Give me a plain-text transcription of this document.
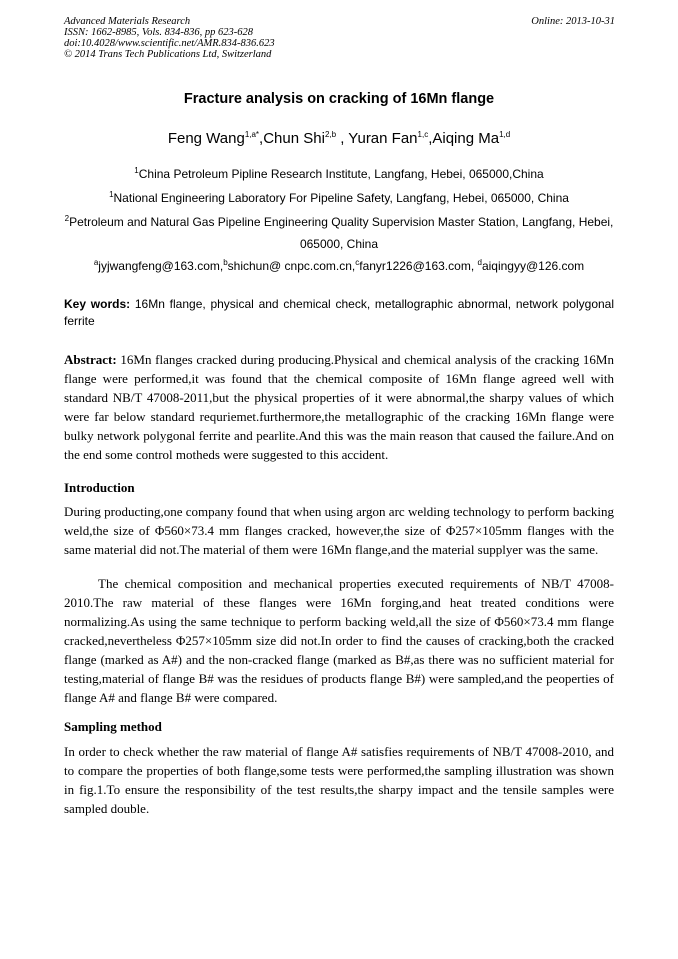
Advanced Materials Research
ISSN: 1662-8985, Vols. 834-836, pp 623-628
doi:10.4028/www.scientific.net/AMR.834-836.623
© 2014 Trans Tech Publications Ltd, Switzerland
Online: 2013-10-31
Fracture analysis on cracking of 16Mn flange
Feng Wang$^{1,a*}$,Chun Shi$^{2,b}$ , Yuran Fan$^{1,c}$,Aiqing Ma$^{1,d}$
$^1$China Petroleum Pipline Research Institute, Langfang, Hebei, 065000,China
$^1$National Engineering Laboratory For Pipeline Safety, Langfang, Hebei, 065000, China
$^2$Petroleum and Natural Gas Pipeline Engineering Quality Supervision Master Station, Langfang, Hebei, 065000, China
$^a$jyjwangfeng@163.com,$^b$shichun@ cnpc.com.cn,$^c$fanyr1226@163.com, $^d$aiqingyy@126.com
Key words: 16Mn flange, physical and chemical check, metallographic abnormal, network polygonal ferrite
Abstract: 16Mn flanges cracked during producing.Physical and chemical analysis of the cracking 16Mn flange were performed,it was found that the chemical composite of 16Mn flange agreed well with standard NB/T 47008-2011,but the physical properties of it were abnormal,the sharpy values of which were far below standard requriemet.furthermore,the metallographic of the cracking 16Mn flange were bulky network polygonal ferrite and pearlite.And this was the main reason that caused the failure.And on the end some control motheds were suggested to this accident.
Introduction
During producting,one company found that when using argon arc welding technology to perform backing weld,the size of Φ560×73.4 mm flanges cracked, however,the size of Φ257×105mm flanges with the same material did not.The material of them were 16Mn flange,and the material supplyer was the same.
The chemical composition and mechanical properties executed requirements of NB/T 47008-2010.The raw material of these flanges were 16Mn forging,and heat treated conditions were normalizing.As using the same technique to perform backing weld,all the size of Φ560×73.4 mm flange cracked,nevertheless Φ257×105mm size did not.In order to find the causes of cracking,both the cracked flange (marked as A#) and the non-cracked flange (marked as B#,as there was no sufficient material for testing,material of flange B# was the residues of products flange B#) were sampled,and the peoperties of flange A# and flange B# were compared.
Sampling method
In order to check whether the raw material of flange A# satisfies requirements of NB/T 47008-2010, and to compare the properties of both flange,some tests were performed,the sampling illustration was shown in fig.1.To ensure the responsibility of the test results,the sharpy impact and the tensile samples were sampled double.
